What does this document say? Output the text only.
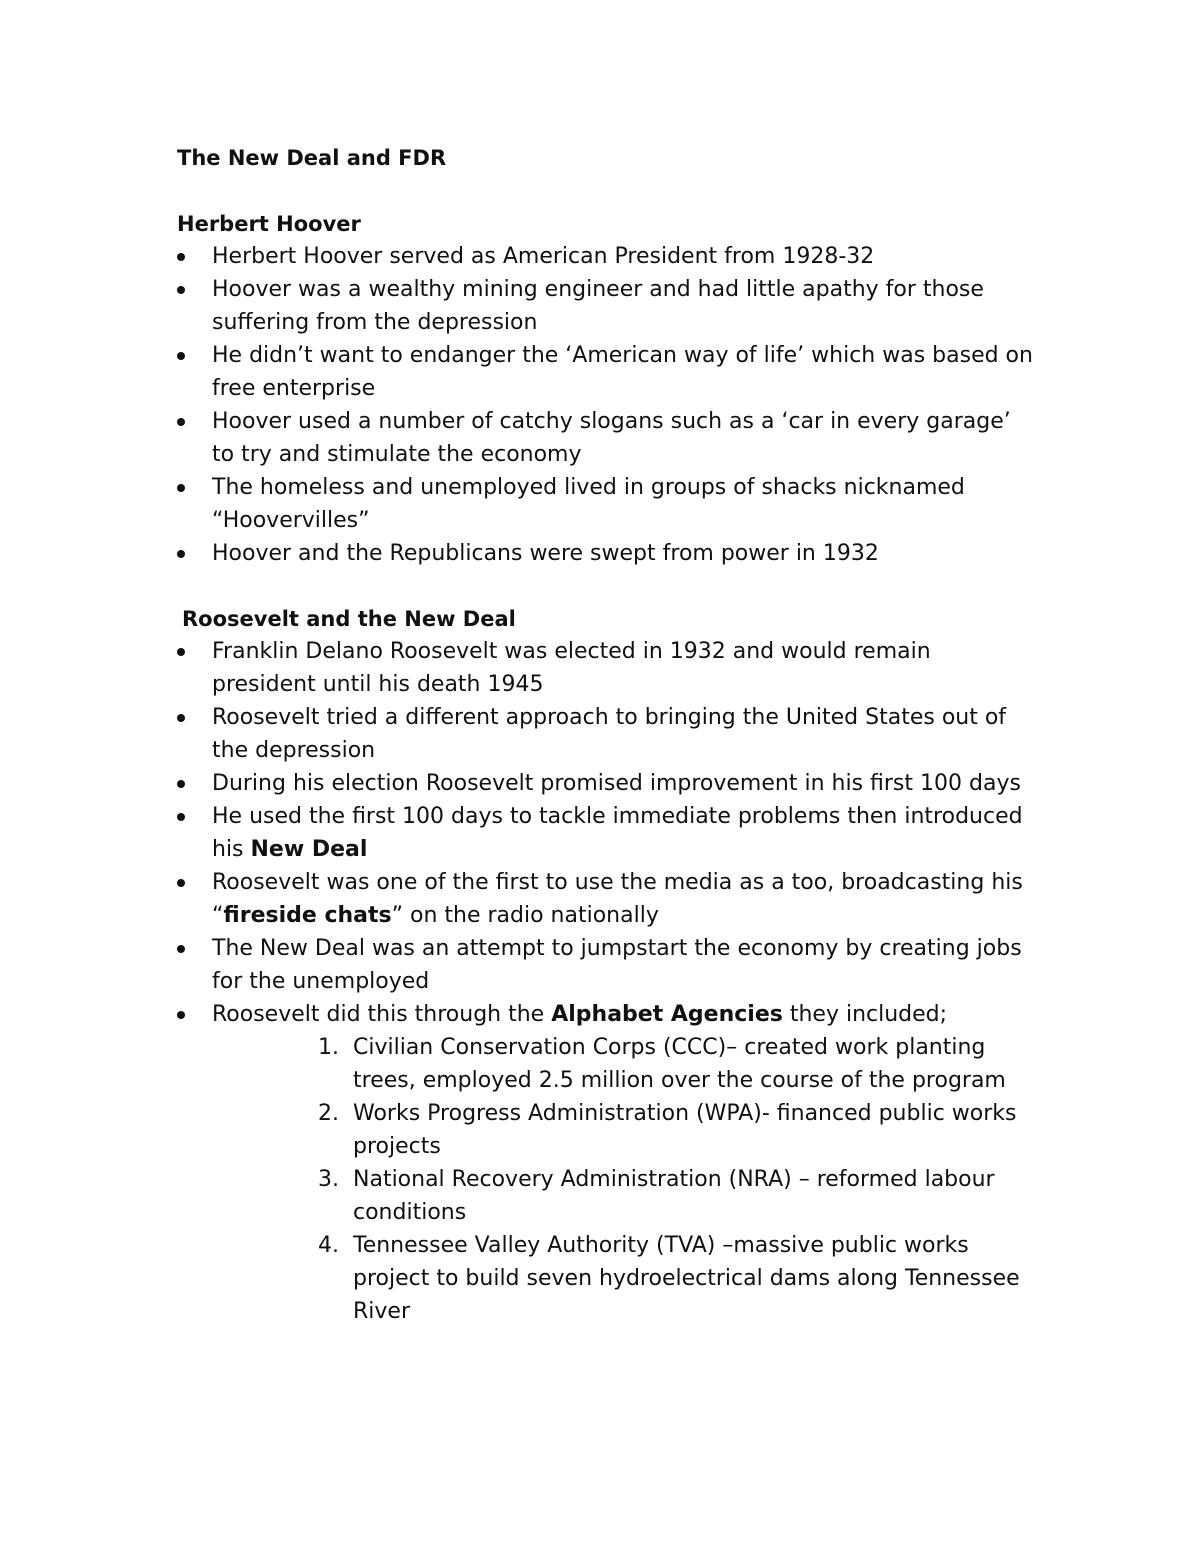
The New Deal and FDR

Herbert Hoover

Herbert Hoover served as American President from 1928-32
Hoover was a wealthy mining engineer and had little apathy for those suffering from the depression
He didn’t want to endanger the ‘American way of life’ which was based on free enterprise
Hoover used a number of catchy slogans such as a ‘car in every garage’ to try and stimulate the economy
The homeless and unemployed lived in groups of shacks nicknamed “Hoovervilles”
Hoover and the Republicans were swept from power in 1932

Roosevelt and the New Deal

Franklin Delano Roosevelt was elected in 1932 and would remain president until his death 1945
Roosevelt tried a different approach to bringing the United States out of the depression
During his election Roosevelt promised improvement in his first 100 days
He used the first 100 days to tackle immediate problems then introduced his New Deal
Roosevelt was one of the first to use the media as a too, broadcasting his “fireside chats” on the radio nationally
The New Deal was an attempt to jumpstart the economy by creating jobs for the unemployed
Roosevelt did this through the Alphabet Agencies they included;
1. Civilian Conservation Corps (CCC)– created work planting trees, employed 2.5 million over the course of the program
2. Works Progress Administration (WPA)- financed public works projects
3. National Recovery Administration (NRA) – reformed labour conditions
4. Tennessee Valley Authority (TVA) –massive public works project to build seven hydroelectrical dams along Tennessee River
